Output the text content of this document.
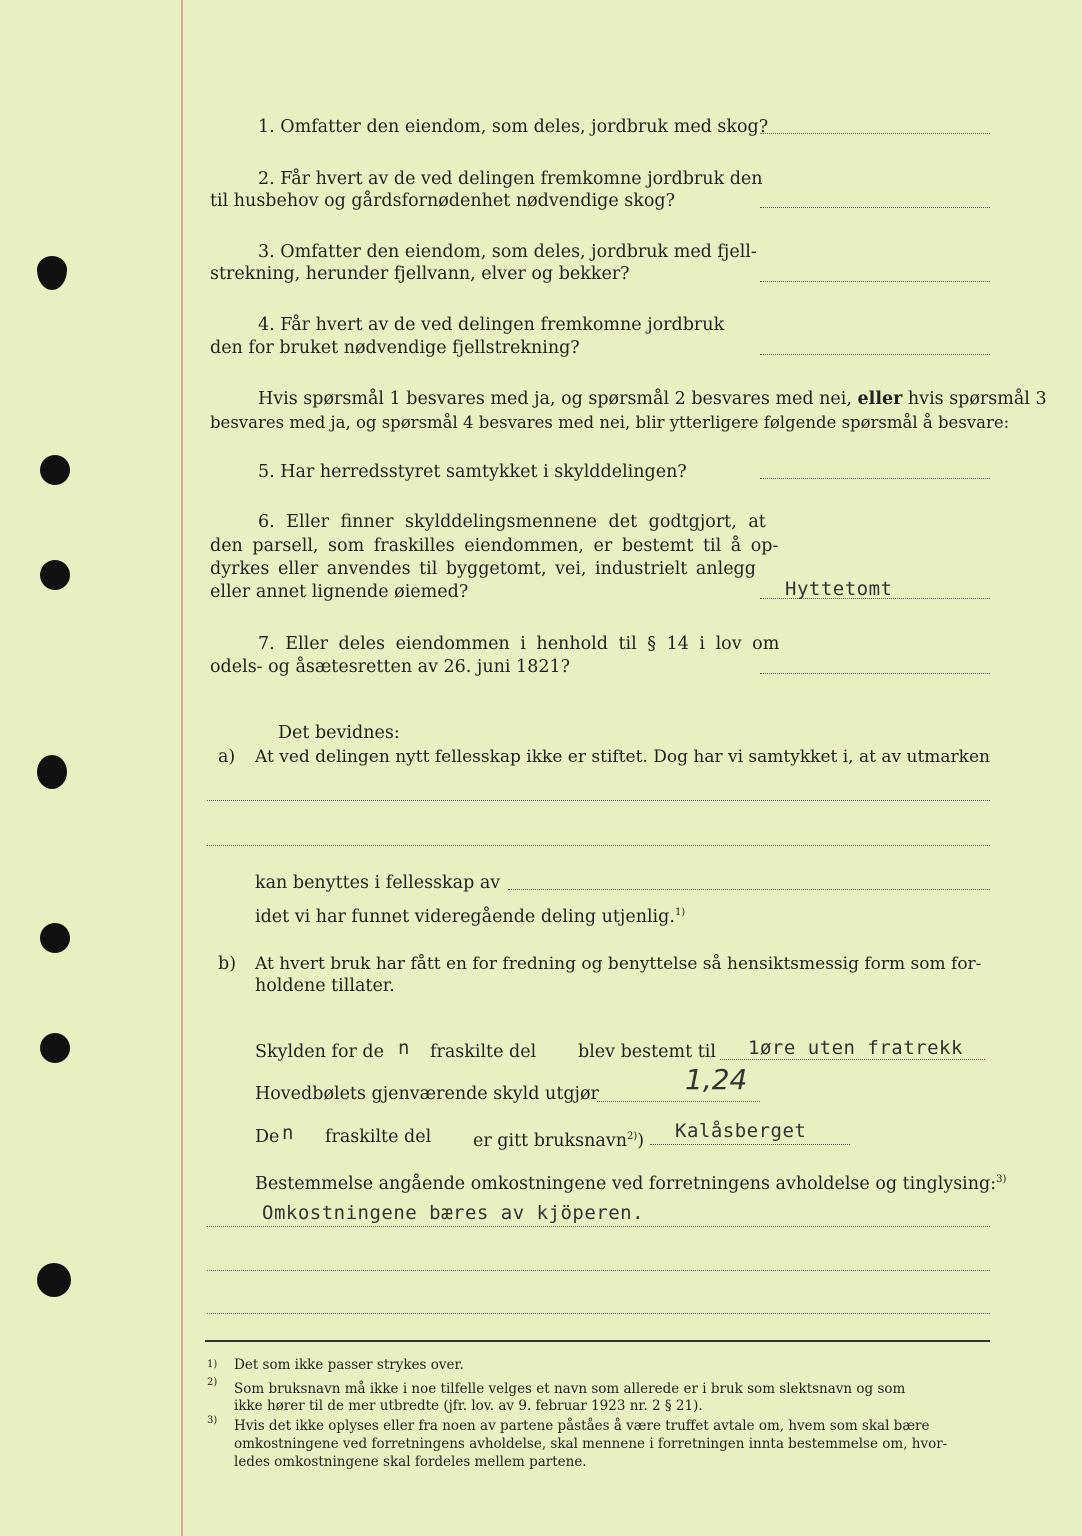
1. Omfatter den eiendom, som deles, jordbruk med skog?
2. Får hvert av de ved delingen fremkomne jordbruk den
til husbehov og gårdsfornødenhet nødvendige skog?
3. Omfatter den eiendom, som deles, jordbruk med fjell-
strekning, herunder fjellvann, elver og bekker?
4. Får hvert av de ved delingen fremkomne jordbruk
den for bruket nødvendige fjellstrekning?
Hvis spørsmål 1 besvares med ja, og spørsmål 2 besvares med nei, eller hvis spørsmål 3
besvares med ja, og spørsmål 4 besvares med nei, blir ytterligere følgende spørsmål å besvare:
5. Har herredsstyret samtykket i skylddelingen?
6. Eller finner skylddelingsmennene det godtgjort, at
den parsell, som fraskilles eiendommen, er bestemt til å op-
dyrkes eller anvendes til byggetomt, vei, industrielt anlegg
eller annet lignende øiemed?	Hyttetomt
7. Eller deles eiendommen i henhold til § 14 i lov om
odels- og åsætesretten av 26. juni 1821?
Det bevidnes:
a) At ved delingen nytt fellesskap ikke er stiftet. Dog har vi samtykket i, at av utmarken
kan benyttes i fellesskap av
idet vi har funnet videregående deling utjenlig.$^{1)}$
b) At hvert bruk har fått en for fredning og benyttelse så hensiktsmessig form som for-
holdene tillater.
Skylden for de n fraskilte del blev bestemt til 1øre uten fratrekk
Hovedbølets gjenværende skyld utgjør	1,24
De n fraskilte del er gitt bruksnavn$^{2)}$) Kalåsberget
Bestemmelse angående omkostningene ved forretningens avholdelse og tinglysing:$^{3)}$
Omkostningene bæres av kjöperen.
1) Det som ikke passer strykes over.
2) Som bruksnavn må ikke i noe tilfelle velges et navn som allerede er i bruk som slektsnavn og som
ikke hører til de mer utbredte (jfr. lov. av 9. februar 1923 nr. 2 § 21).
3) Hvis det ikke oplyses eller fra noen av partene påståes å være truffet avtale om, hvem som skal bære
omkostningene ved forretningens avholdelse, skal mennene i forretningen innta bestemmelse om, hvor-
ledes omkostningene skal fordeles mellem partene.
